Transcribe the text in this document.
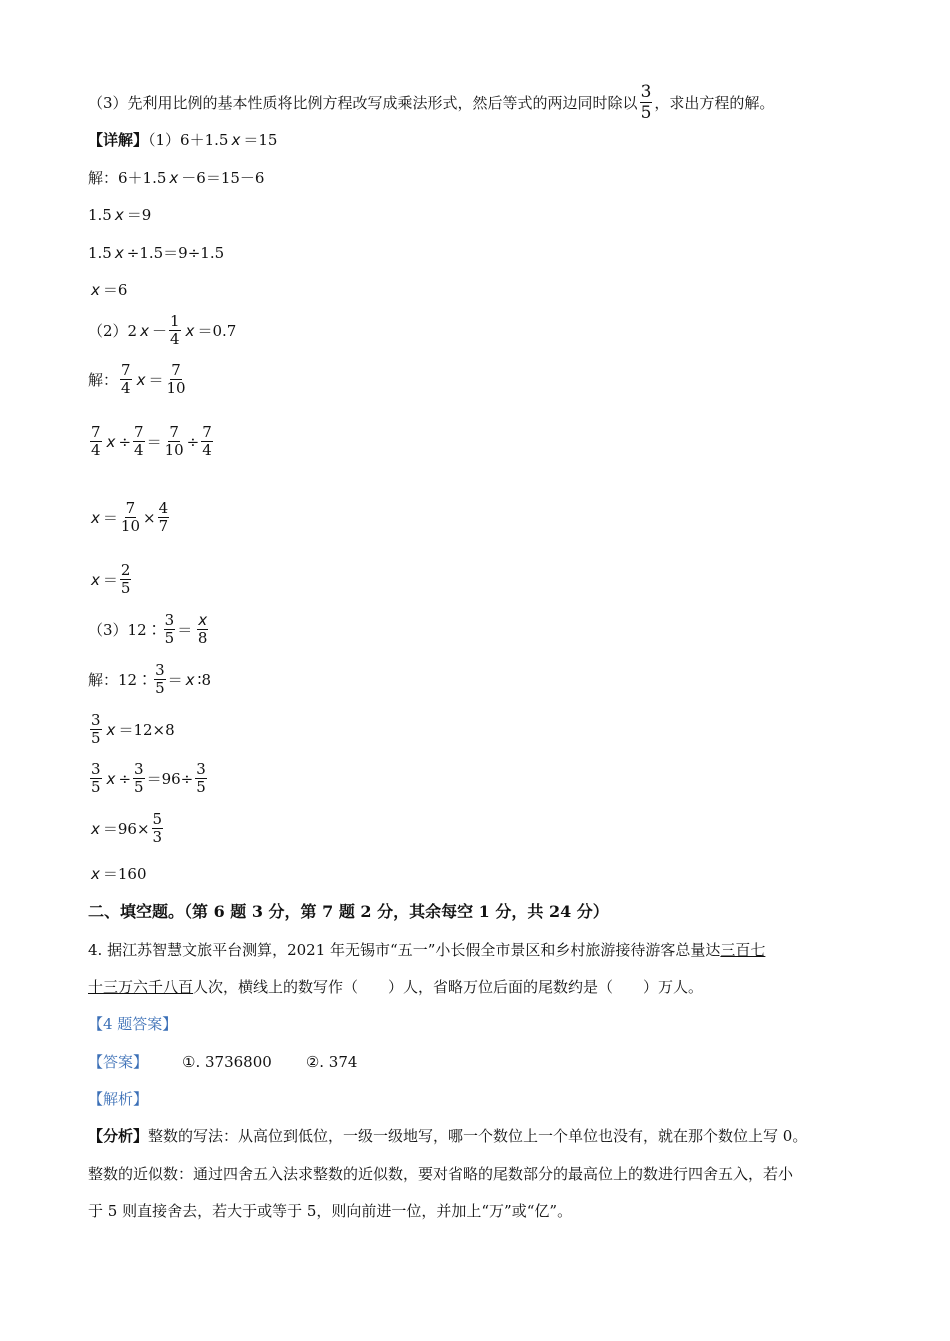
（3）先利用比例的基本性质将比例方程改写成乘法形式，然后等式的两边同时除以 $\frac{3}{5}$ ，求出方程的解。
【详解】（1）6＋1.5 x ＝15
解：6＋1.5 x －6＝15－6
1.5 x ＝9
1.5 x ÷1.5＝9÷1.5
x ＝6
（2）2 $x - \frac{1}{4}$ x ＝0.7
解： $\frac{7}{4}$ $x = \frac{7}{10}$
$\frac{7}{4}$ $x \div \frac{7}{4} = \frac{7}{10} \div \frac{7}{4}$
$x = \frac{7}{10} \times \frac{4}{7}$
$x = \frac{2}{5}$
（3）12∶ $\frac{3}{5} = \frac{x}{8}$
解：12∶ $\frac{3}{5} = x$ ∶8
$\frac{3}{5}$ x ＝12×8
$\frac{3}{5}$ $x \div \frac{3}{5} =96\div \frac{3}{5}$
$x =96\times \frac{5}{3}$
x ＝160
二、填空题。（第 6 题 3 分，第 7 题 2 分，其余每空 1 分，共 24 分）
4. 据江苏智慧文旅平台测算，2021 年无锡市“五一”小长假全市景区和乡村旅游接待游客总量达三百七
十三万六千八百人次，横线上的数写作（　　）人，省略万位后面的尾数约是（　　）万人。
【4 题答案】
【答案】 ①. 3736800 ②. 374
【解析】
【分析】整数的写法：从高位到低位，一级一级地写，哪一个数位上一个单位也没有，就在那个数位上写 0。
整数的近似数：通过四舍五入法求整数的近似数，要对省略的尾数部分的最高位上的数进行四舍五入，若小
于 5 则直接舍去，若大于或等于 5，则向前进一位，并加上“万”或“亿”。
